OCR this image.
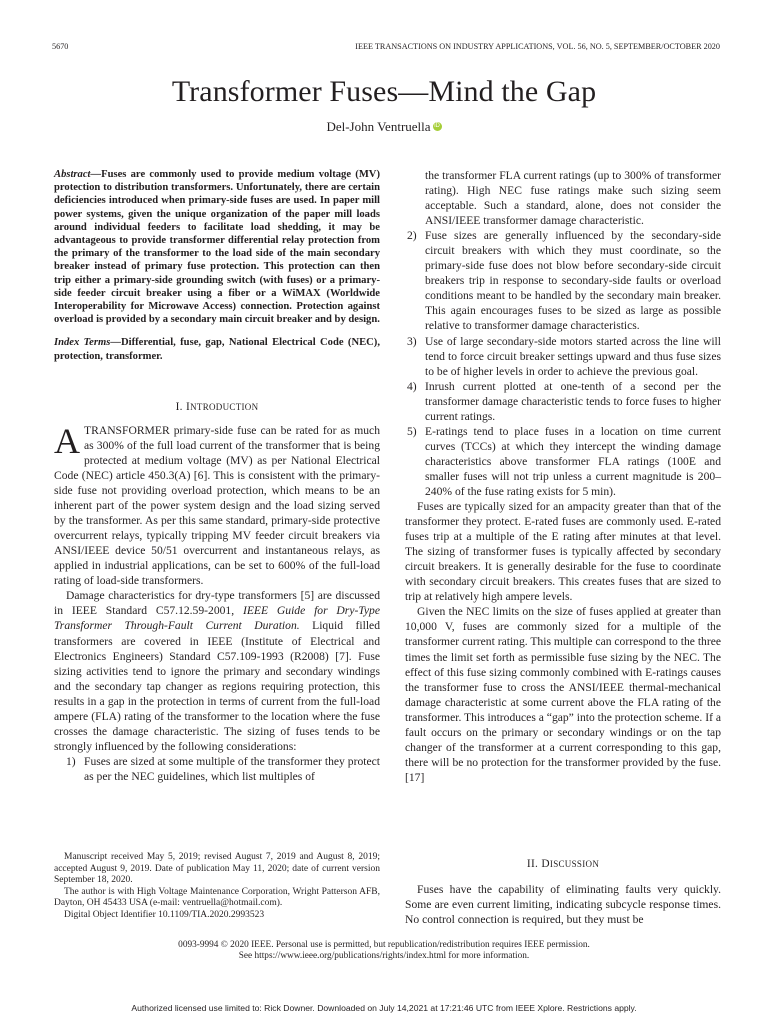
5670	IEEE TRANSACTIONS ON INDUSTRY APPLICATIONS, VOL. 56, NO. 5, SEPTEMBER/OCTOBER 2020
Transformer Fuses—Mind the Gap
Del-John Ventruella iD

Abstract—Fuses are commonly used to provide medium voltage (MV) protection to distribution transformers. Unfortunately, there are certain deficiencies introduced when primary-side fuses are used. In paper mill power systems, given the unique organization of the paper mill loads around individual feeders to facilitate load shedding, it may be advantageous to provide transformer differential relay protection from the primary of the transformer to the load side of the main secondary breaker instead of primary fuse protection. This protection can then trip either a primary-side grounding switch (with fuses) or a primary-side feeder circuit breaker using a fiber or a WiMAX (Worldwide Interoperability for Microwave Access) connection. Protection against overload is provided by a secondary main circuit breaker and by design.

Index Terms—Differential, fuse, gap, National Electrical Code (NEC), protection, transformer.

I. INTRODUCTION

A TRANSFORMER primary-side fuse can be rated for as much as 300% of the full load current of the transformer that is being protected at medium voltage (MV) as per National Electrical Code (NEC) article 450.3(A) [6]. This is consistent with the primary-side fuse not providing overload protection, which means to be an inherent part of the power system design and the load sizing served by the transformer. As per this same standard, primary-side protective overcurrent relays, typically tripping MV feeder circuit breakers via ANSI/IEEE device 50/51 overcurrent and instantaneous relays, as applied in industrial applications, can be set to 600% of the full-load rating of load-side transformers.

Damage characteristics for dry-type transformers [5] are discussed in IEEE Standard C57.12.59-2001, IEEE Guide for Dry-Type Transformer Through-Fault Current Duration. Liquid filled transformers are covered in IEEE (Institute of Electrical and Electronics Engineers) Standard C57.109-1993 (R2008) [7]. Fuse sizing activities tend to ignore the primary and secondary windings and the secondary tap changer as regions requiring protection, this results in a gap in the protection in terms of current from the full-load ampere (FLA) rating of the transformer to the location where the fuse crosses the damage characteristic. The sizing of fuses tends to be strongly influenced by the following considerations:

1) Fuses are sized at some multiple of the transformer they protect as per the NEC guidelines, which list multiples of

Manuscript received May 5, 2019; revised August 7, 2019 and August 8, 2019; accepted August 9, 2019. Date of publication May 11, 2020; date of current version September 18, 2020.

The author is with High Voltage Maintenance Corporation, Wright Patterson AFB, Dayton, OH 45433 USA (e-mail: ventruella@hotmail.com).

Digital Object Identifier 10.1109/TIA.2020.2993523

the transformer FLA current ratings (up to 300% of transformer rating). High NEC fuse ratings make such sizing seem acceptable. Such a standard, alone, does not consider the ANSI/IEEE transformer damage characteristic.

2) Fuse sizes are generally influenced by the secondary-side circuit breakers with which they must coordinate, so the primary-side fuse does not blow before secondary-side circuit breakers trip in response to secondary-side faults or overload conditions meant to be handled by the secondary main breaker. This again encourages fuses to be sized as large as possible relative to transformer damage characteristics.

3) Use of large secondary-side motors started across the line will tend to force circuit breaker settings upward and thus fuse sizes to be of higher levels in order to achieve the previous goal.

4) Inrush current plotted at one-tenth of a second per the transformer damage characteristic tends to force fuses to higher current ratings.

5) E-ratings tend to place fuses in a location on time current curves (TCCs) at which they intercept the winding damage characteristics above transformer FLA ratings (100E and smaller fuses will not trip unless a current magnitude is 200–240% of the fuse rating exists for 5 min).

Fuses are typically sized for an ampacity greater than that of the transformer they protect. E-rated fuses are commonly used. E-rated fuses trip at a multiple of the E rating after minutes at that level. The sizing of transformer fuses is typically affected by secondary circuit breakers. It is generally desirable for the fuse to coordinate with secondary circuit breakers. This creates fuses that are sized to trip at relatively high ampere levels.

Given the NEC limits on the size of fuses applied at greater than 10,000 V, fuses are commonly sized for a multiple of the transformer current rating. This multiple can correspond to the three times the limit set forth as permissible fuse sizing by the NEC. The effect of this fuse sizing commonly combined with E-ratings causes the transformer fuse to cross the ANSI/IEEE thermal-mechanical damage characteristic at some current above the FLA rating of the transformer. This introduces a “gap” into the protection scheme. If a fault occurs on the primary or secondary windings or on the tap changer of the transformer at a current corresponding to this gap, there will be no protection for the transformer provided by the fuse.[17]

II. DISCUSSION

Fuses have the capability of eliminating faults very quickly. Some are even current limiting, indicating subcycle response times. No control connection is required, but they must be

0093-9994 © 2020 IEEE. Personal use is permitted, but republication/redistribution requires IEEE permission.
See https://www.ieee.org/publications/rights/index.html for more information.
Authorized licensed use limited to: Rick Downer. Downloaded on July 14,2021 at 17:21:46 UTC from IEEE Xplore. Restrictions apply.
